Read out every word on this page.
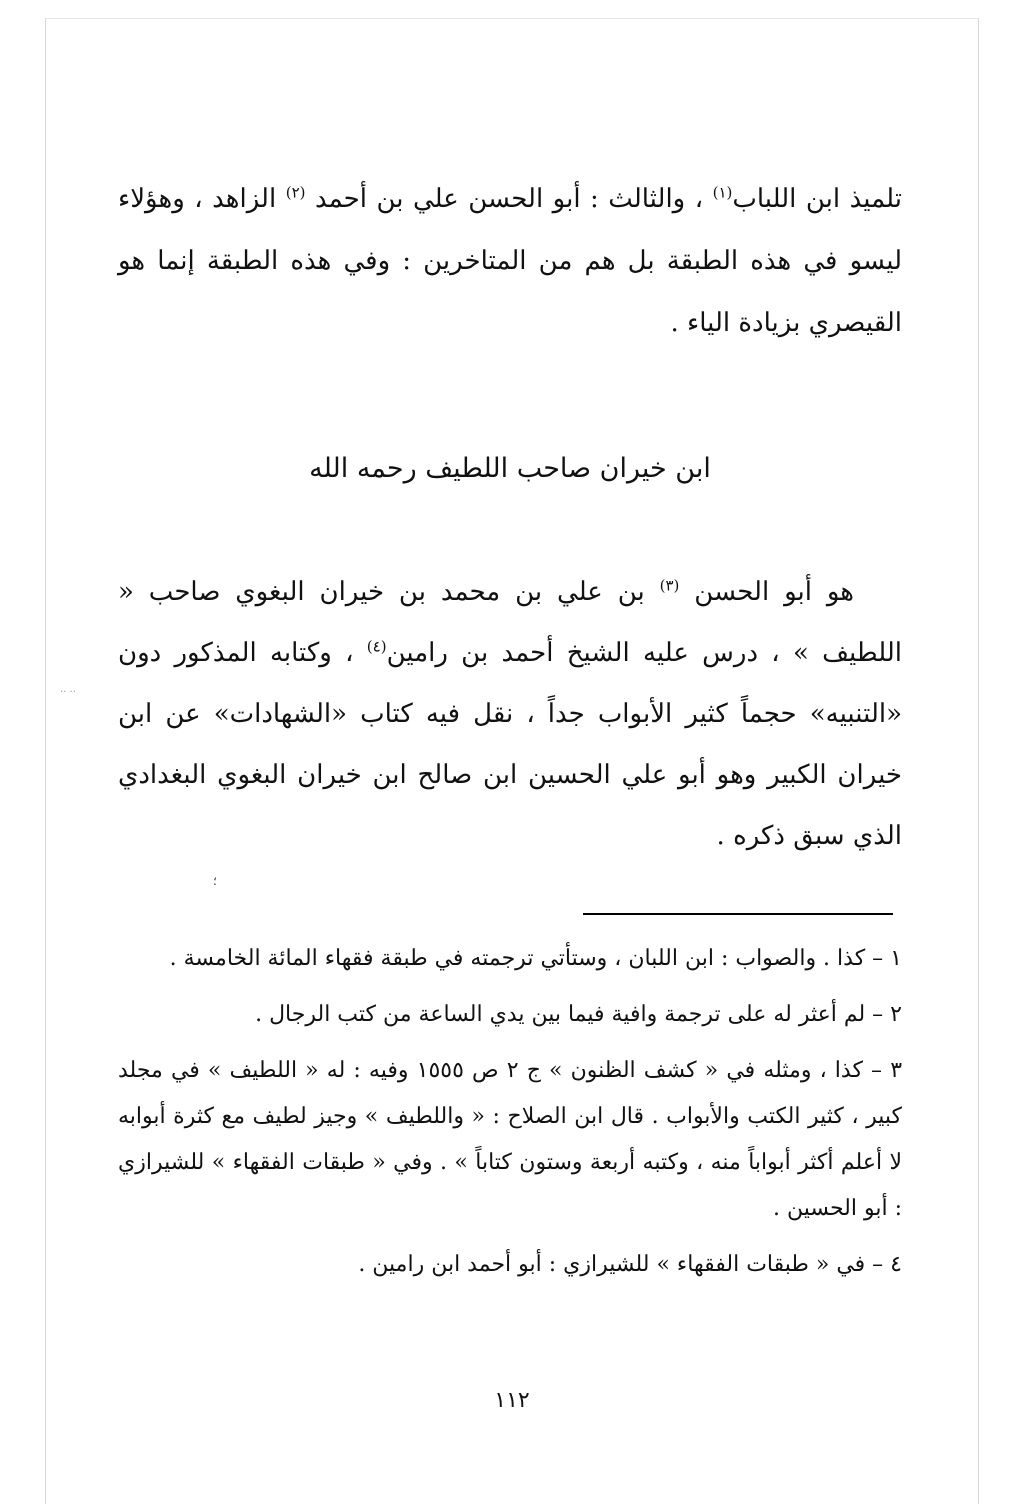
.. ..
تلميذ ابن اللباب$^{(١)}$ ، والثالث : أبو الحسن علي بن أحمد $^{(٢)}$ الزاهد ، وهؤلاء ليسو في هذه الطبقة بل هم من المتاخرين : وفي هذه الطبقة إنما هو القيصري بزيادة الياء .
ابن خيران صاحب اللطيف رحمه الله
هو أبو الحسن $^{(٣)}$ بن علي بن محمد بن خيران البغوي صاحب « اللطيف » ، درس عليه الشيخ أحمد بن رامين$^{(٤)}$ ، وكتابه المذكور دون «التنبيه» حجماً كثير الأبواب جداً ، نقل فيه كتاب «الشهادات» عن ابن خيران الكبير وهو أبو علي الحسين ابن صالح ابن خيران البغوي البغدادي الذي سبق ذكره .
؛
١ – كذا . والصواب : ابن اللبان ، وستأتي ترجمته في طبقة فقهاء المائة الخامسة .
٢ – لم أعثر له على ترجمة وافية فيما بين يدي الساعة من كتب الرجال .
٣ – كذا ، ومثله في « كشف الظنون » ج ٢ ص ١٥٥٥ وفيه : له « اللطيف » في مجلد كبير ، كثير الكتب والأبواب . قال ابن الصلاح : « واللطيف » وجيز لطيف مع كثرة أبوابه لا أعلم أكثر أبواباً منه ، وكتبه أربعة وستون كتاباً » . وفي « طبقات الفقهاء » للشيرازي : أبو الحسين .
٤ – في « طبقات الفقهاء » للشيرازي : أبو أحمد ابن رامين .
١١٢
